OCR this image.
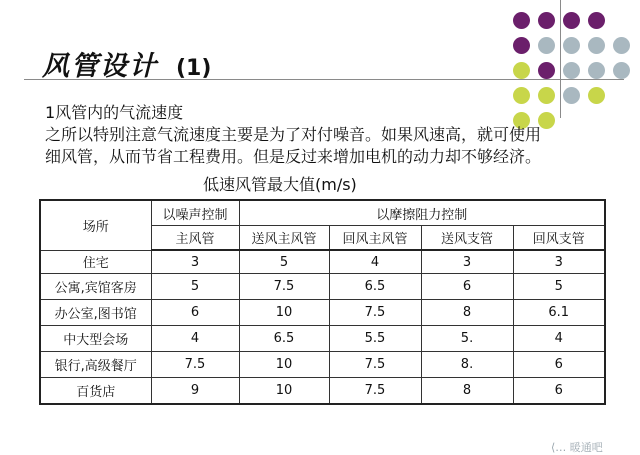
风管设计 (1)

1风管内的气流速度

之所以特别注意气流速度主要是为了对付噪音。如果风速高，就可使用

细风管，从而节省工程费用。但是反过来增加电机的动力却不够经济。

低速风管最大值(m/s)
场所	以噪声控制	以摩擦阻力控制			
	主风管	送风主风管	回风主风管	送风支管	回风支管
住宅	3	5	4	3	3
公寓,宾馆客房	5	7.5	6.5	6	5
办公室,图书馆	6	10	7.5	8	6.1
中大型会场	4	6.5	5.5	5.	4
银行,高级餐厅	7.5	10	7.5	8.	6
百货店	9	10	7.5	8	6
⟨… 暖通吧
